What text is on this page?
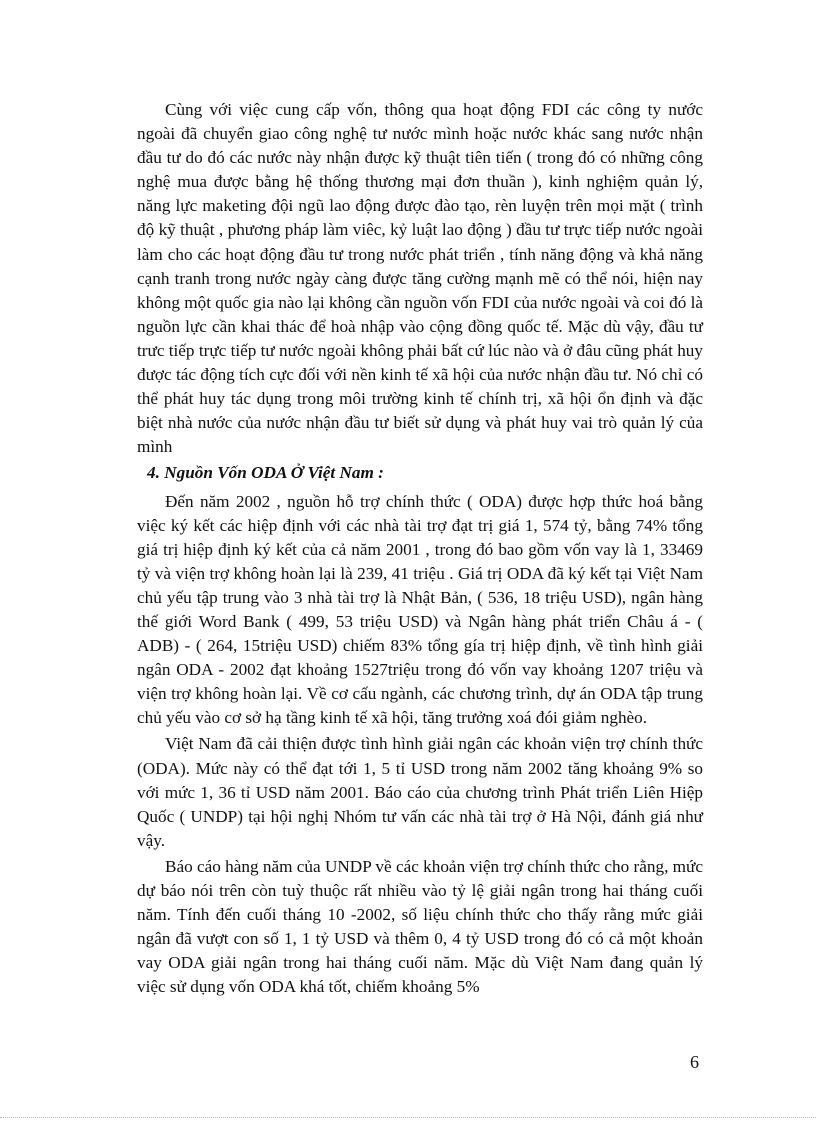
Cùng với việc cung cấp vốn, thông qua hoạt động FDI các công ty nước ngoài đã chuyển giao công nghệ tư nước mình hoặc nước khác sang nước nhận đầu tư do đó các nước này nhận được kỹ thuật tiên tiến ( trong đó có những công nghệ mua được bằng hệ thống thương mại đơn thuần ), kinh nghiệm quản lý, năng lực maketing đội ngũ lao động được đào tạo, rèn luyện trên mọi mặt ( trình độ kỹ thuật , phương pháp làm viêc, kỷ luật lao động ) đầu tư trực tiếp nước ngoài làm cho các hoạt động đầu tư trong nước phát triển , tính năng động và khả năng cạnh tranh trong nước ngày càng được tăng cường mạnh mẽ có thể nói, hiện nay không một quốc gia nào lại không cần nguồn vốn FDI của nước ngoài và coi đó là nguồn lực cần khai thác để hoà nhập vào cộng đồng quốc tế. Mặc dù vậy, đầu tư trưc tiếp trực tiếp tư nước ngoài không phải bất cứ lúc nào và ở đâu cũng phát huy được tác động tích cực đối với nền kinh tế xã hội của nước nhận đầu tư. Nó chỉ có thể phát huy tác dụng trong môi trường kinh tế chính trị, xã hội ổn định và đặc biệt nhà nước của nước nhận đầu tư biết sử dụng và phát huy vai trò quản lý của mình

4. Nguồn Vốn ODA Ở Việt Nam :

Đến năm 2002 , nguồn hỗ trợ chính thức ( ODA) được hợp thức hoá bằng việc ký kết các hiệp định với các nhà tài trợ đạt trị giá 1, 574 tỷ, bằng 74% tổng giá trị hiệp định ký kết của cả năm 2001 , trong đó bao gồm vốn vay là 1, 33469 tỷ và viện trợ không hoàn lại là 239, 41 triệu . Giá trị ODA đã ký kết tại Việt Nam chủ yếu tập trung vào 3 nhà tài trợ là Nhật Bản, ( 536, 18 triệu USD), ngân hàng thế giới Word Bank ( 499, 53 triệu USD) và Ngân hàng phát triển Châu á - ( ADB) - ( 264, 15triệu USD) chiếm 83% tổng gía trị hiệp định, về tình hình giải ngân ODA - 2002 đạt khoảng 1527triệu trong đó vốn vay khoảng 1207 triệu và viện trợ không hoàn lại. Về cơ cấu ngành, các chương trình, dự án ODA tập trung chủ yếu vào cơ sở hạ tầng kinh tế xã hội, tăng trưởng xoá đói giảm nghèo.

Việt Nam đã cải thiện được tình hình giải ngân các khoản viện trợ chính thức (ODA). Mức này có thể đạt tới 1, 5 tỉ USD trong năm 2002 tăng khoảng 9% so với mức 1, 36 tỉ USD năm 2001. Báo cáo của chương trình Phát triển Liên Hiệp Quốc ( UNDP) tại hội nghị Nhóm tư vấn các nhà tài trợ ở Hà Nội, đánh giá như vậy.

Báo cáo hàng năm của UNDP về các khoản viện trợ chính thức cho rằng, mức dự báo nói trên còn tuỳ thuộc rất nhiều vào tỷ lệ giải ngân trong hai tháng cuối năm. Tính đến cuối tháng 10 -2002, số liệu chính thức cho thấy rằng mức giải ngân đã vượt con số 1, 1 tỷ USD và thêm 0, 4 tỷ USD trong đó có cả một khoản vay ODA giải ngân trong hai tháng cuối năm. Mặc dù Việt Nam đang quản lý việc sử dụng vốn ODA khá tốt, chiếm khoảng 5%

6
